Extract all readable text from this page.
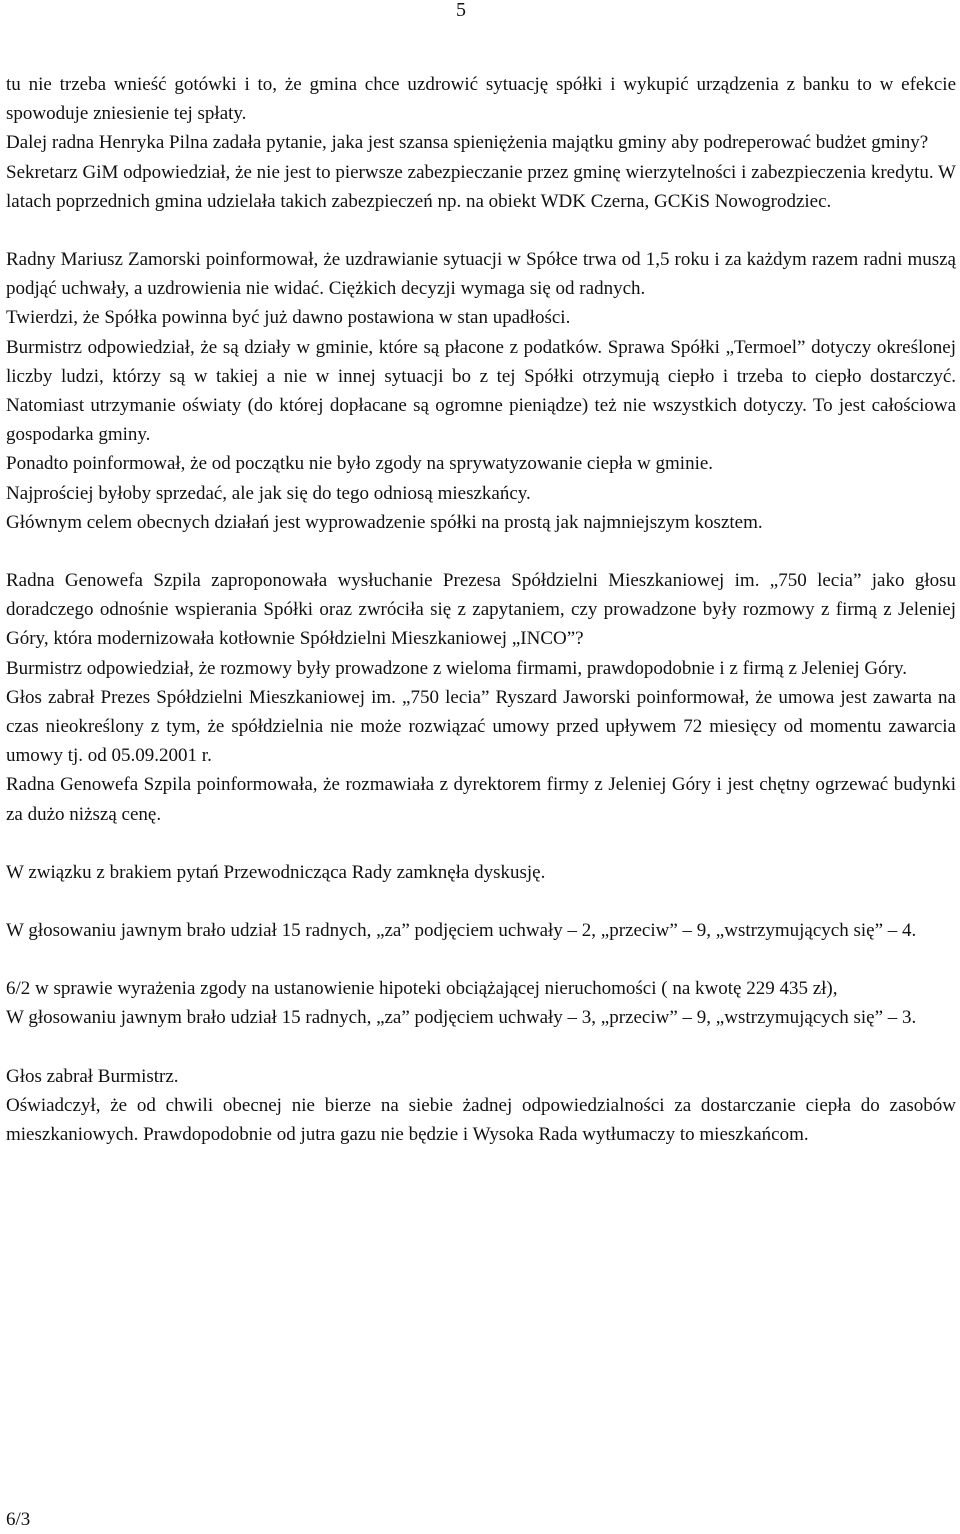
5

tu nie trzeba wnieść gotówki i to, że gmina chce uzdrowić sytuację spółki i wykupić urządzenia z banku to w efekcie spowoduje zniesienie tej spłaty.

Dalej radna Henryka Pilna zadała pytanie, jaka jest szansa spieniężenia majątku gminy aby podreperować budżet gminy?

Sekretarz GiM odpowiedział, że nie jest to pierwsze zabezpieczanie przez gminę wierzytelności i zabezpieczenia kredytu. W latach poprzednich gmina udzielała takich zabezpieczeń np. na obiekt WDK Czerna, GCKiS Nowogrodziec.

Radny Mariusz Zamorski poinformował, że uzdrawianie sytuacji w Spółce trwa od 1,5 roku i za każdym razem radni muszą podjąć uchwały, a uzdrowienia nie widać. Ciężkich decyzji wymaga się od radnych.

Twierdzi, że Spółka powinna być już dawno postawiona w stan upadłości.

Burmistrz odpowiedział, że są działy w gminie, które są płacone z podatków. Sprawa Spółki „Termoel” dotyczy określonej liczby ludzi, którzy są w takiej a nie w innej sytuacji bo z tej Spółki otrzymują ciepło i trzeba to ciepło dostarczyć. Natomiast utrzymanie oświaty (do której dopłacane są ogromne pieniądze) też nie wszystkich dotyczy. To jest całościowa gospodarka gminy.

Ponadto poinformował, że od początku nie było zgody na sprywatyzowanie ciepła w gminie.

Najprościej byłoby sprzedać, ale jak się do tego odniosą mieszkańcy.

Głównym celem obecnych działań jest wyprowadzenie spółki na prostą jak najmniejszym kosztem.

Radna Genowefa Szpila zaproponowała wysłuchanie Prezesa Spółdzielni Mieszkaniowej im. „750 lecia” jako głosu doradczego odnośnie wspierania Spółki oraz zwróciła się z zapytaniem, czy prowadzone były rozmowy z firmą z Jeleniej Góry, która modernizowała kotłownie Spółdzielni Mieszkaniowej „INCO”?

Burmistrz odpowiedział, że rozmowy były prowadzone z wieloma firmami, prawdopodobnie i z firmą z Jeleniej Góry.

Głos zabrał Prezes Spółdzielni Mieszkaniowej im. „750 lecia” Ryszard Jaworski poinformował, że umowa jest zawarta na czas nieokreślony z tym, że spółdzielnia nie może rozwiązać umowy przed upływem 72 miesięcy od momentu zawarcia umowy tj. od 05.09.2001 r.

Radna Genowefa Szpila poinformowała, że rozmawiała z dyrektorem firmy z Jeleniej Góry i jest chętny ogrzewać budynki za dużo niższą cenę.

W związku z brakiem pytań Przewodnicząca Rady zamknęła dyskusję.

W głosowaniu jawnym brało udział 15 radnych, „za” podjęciem uchwały – 2, „przeciw” – 9, „wstrzymujących się” – 4.

6/2 w sprawie wyrażenia zgody na ustanowienie hipoteki obciążającej nieruchomości ( na kwotę 229 435 zł),

W głosowaniu jawnym brało udział 15 radnych, „za” podjęciem uchwały – 3, „przeciw” – 9, „wstrzymujących się” – 3.

Głos zabrał Burmistrz.

Oświadczył, że od chwili obecnej nie bierze na siebie żadnej odpowiedzialności za dostarczanie ciepła do zasobów mieszkaniowych. Prawdopodobnie od jutra gazu nie będzie i Wysoka Rada wytłumaczy to mieszkańcom.

6/3
